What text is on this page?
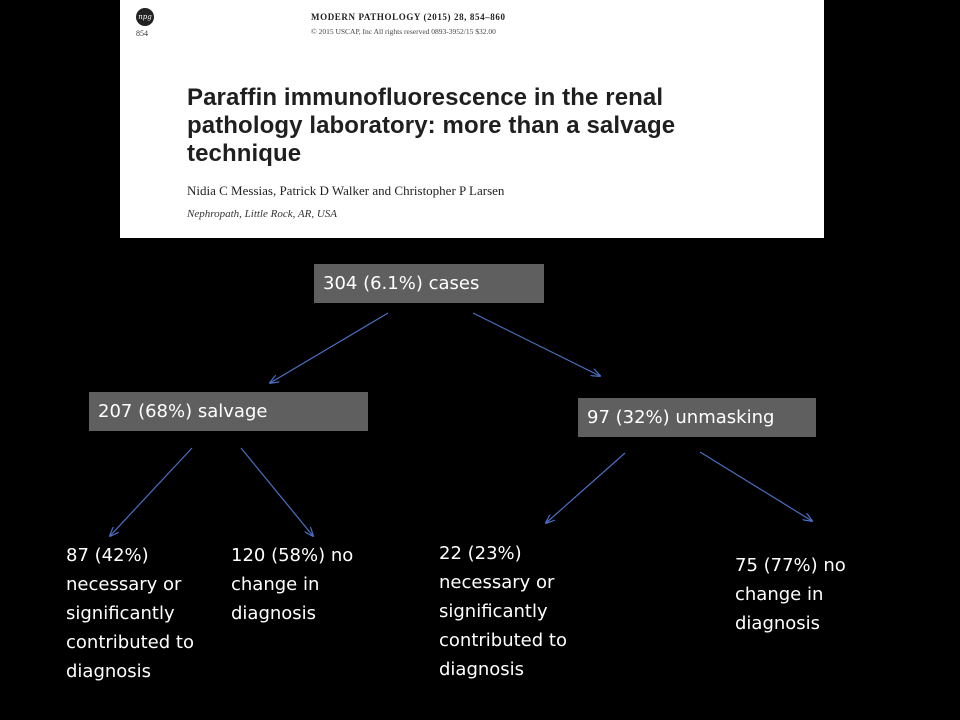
npg
854
MODERN PATHOLOGY (2015) 28, 854–860
© 2015 USCAP, Inc All rights reserved 0893-3952/15 $32.00
Paraffin immunofluorescence in the renal
pathology laboratory: more than a salvage
technique
Nidia C Messias, Patrick D Walker and Christopher P Larsen
Nephropath, Little Rock, AR, USA
304 (6.1%) cases
207 (68%) salvage	97 (32%) unmasking
87 (42%)
necessary or
significantly
contributed to
diagnosis
120 (58%) no
change in
diagnosis
22 (23%)
necessary or
significantly
contributed to
diagnosis
75 (77%) no
change in
diagnosis
